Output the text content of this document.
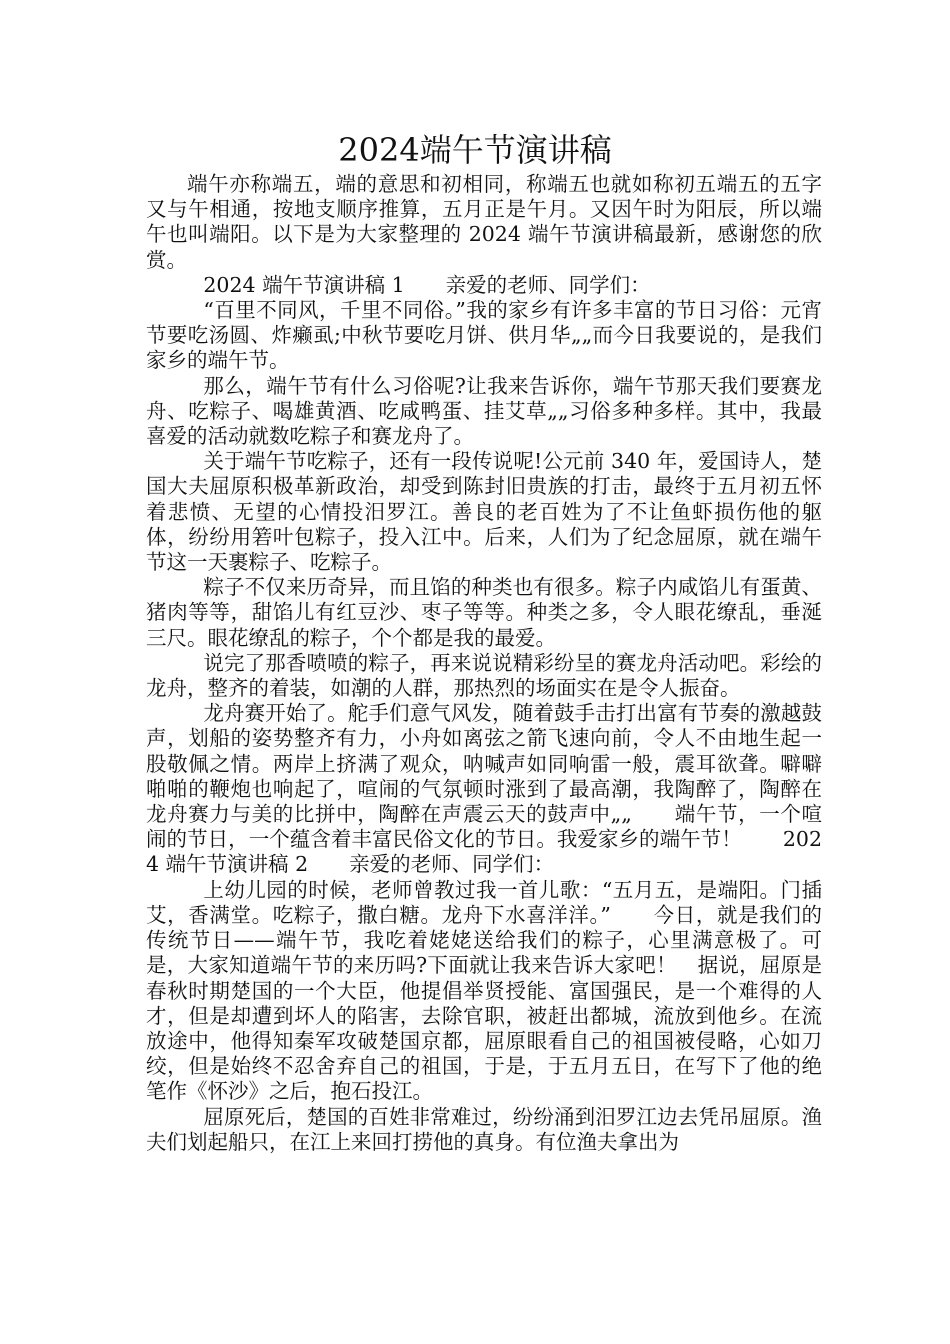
2024端午节演讲稿

端午亦称端五，端的意思和初相同，称端五也就如称初五端五的五字又与午相通，按地支顺序推算，五月正是午月。又因午时为阳辰，所以端午也叫端阳。以下是为大家整理的 2024 端午节演讲稿最新，感谢您的欣赏。

2024 端午节演讲稿 1　　亲爱的老师、同学们：

“百里不同风，千里不同俗。”我的家乡有许多丰富的节日习俗：元宵节要吃汤圆、炸癞虱;中秋节要吃月饼、供月华„„而今日我要说的，是我们家乡的端午节。

那么，端午节有什么习俗呢?让我来告诉你，端午节那天我们要赛龙舟、吃粽子、喝雄黄酒、吃咸鸭蛋、挂艾草„„习俗多种多样。其中，我最喜爱的活动就数吃粽子和赛龙舟了。

关于端午节吃粽子，还有一段传说呢!公元前 340 年，爱国诗人，楚国大夫屈原积极革新政治，却受到陈封旧贵族的打击，最终于五月初五怀着悲愤、无望的心情投汨罗江。善良的老百姓为了不让鱼虾损伤他的躯体，纷纷用箬叶包粽子，投入江中。后来，人们为了纪念屈原，就在端午节这一天裹粽子、吃粽子。

粽子不仅来历奇异，而且馅的种类也有很多。粽子内咸馅儿有蛋黄、猪肉等等，甜馅儿有红豆沙、枣子等等。种类之多，令人眼花缭乱，垂涎三尺。眼花缭乱的粽子，个个都是我的最爱。

说完了那香喷喷的粽子，再来说说精彩纷呈的赛龙舟活动吧。彩绘的龙舟，整齐的着装，如潮的人群，那热烈的场面实在是令人振奋。

龙舟赛开始了。舵手们意气风发，随着鼓手击打出富有节奏的激越鼓声，划船的姿势整齐有力，小舟如离弦之箭飞速向前，令人不由地生起一股敬佩之情。两岸上挤满了观众，呐喊声如同响雷一般，震耳欲聋。噼噼啪啪的鞭炮也响起了，喧闹的气氛顿时涨到了最高潮，我陶醉了，陶醉在龙舟赛力与美的比拼中，陶醉在声震云天的鼓声中„„　　端午节，一个喧闹的节日，一个蕴含着丰富民俗文化的节日。我爱家乡的端午节！　　2024 端午节演讲稿 2　　亲爱的老师、同学们：

上幼儿园的时候，老师曾教过我一首儿歌：“五月五，是端阳。门插艾，香满堂。吃粽子，撒白糖。龙舟下水喜洋洋。”　　今日，就是我们的传统节日——端午节，我吃着姥姥送给我们的粽子，心里满意极了。可是，大家知道端午节的来历吗?下面就让我来告诉大家吧！　据说，屈原是春秋时期楚国的一个大臣，他提倡举贤授能、富国强民，是一个难得的人才，但是却遭到坏人的陷害，去除官职，被赶出都城，流放到他乡。在流放途中，他得知秦军攻破楚国京都，屈原眼看自己的祖国被侵略，心如刀绞，但是始终不忍舍弃自己的祖国，于是，于五月五日，在写下了他的绝笔作《怀沙》之后，抱石投江。

屈原死后，楚国的百姓非常难过，纷纷涌到汨罗江边去凭吊屈原。渔夫们划起船只，在江上来回打捞他的真身。有位渔夫拿出为
